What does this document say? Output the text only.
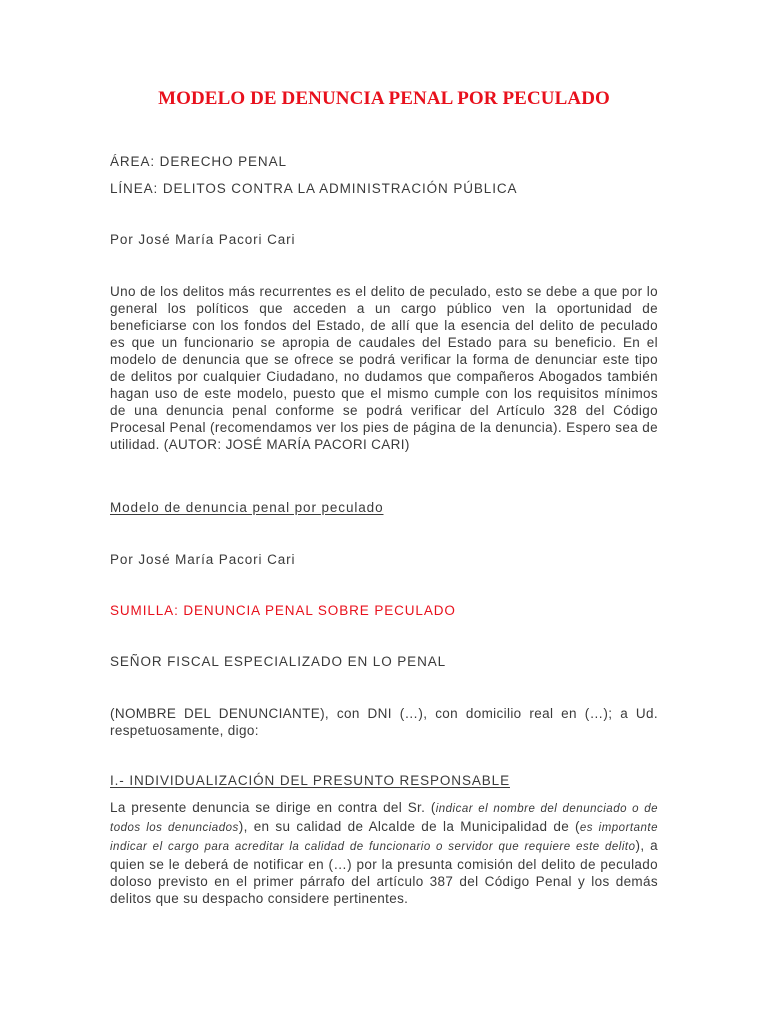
MODELO DE DENUNCIA PENAL POR PECULADO
ÁREA: DERECHO PENAL
LÍNEA: DELITOS CONTRA LA ADMINISTRACIÓN PÚBLICA
Por José María Pacori Cari
Uno de los delitos más recurrentes es el delito de peculado, esto se debe a que por lo general los políticos que acceden a un cargo público ven la oportunidad de beneficiarse con los fondos del Estado, de allí que la esencia del delito de peculado es que un funcionario se apropia de caudales del Estado para su beneficio. En el modelo de denuncia que se ofrece se podrá verificar la forma de denunciar este tipo de delitos por cualquier Ciudadano, no dudamos que compañeros Abogados también hagan uso de este modelo, puesto que el mismo cumple con los requisitos mínimos de una denuncia penal conforme se podrá verificar del Artículo 328 del Código Procesal Penal (recomendamos ver los pies de página de la denuncia). Espero sea de utilidad. (AUTOR: JOSÉ MARÍA PACORI CARI)
Modelo de denuncia penal por peculado
Por José María Pacori Cari
SUMILLA: DENUNCIA PENAL SOBRE PECULADO
SEÑOR FISCAL ESPECIALIZADO EN LO PENAL
(NOMBRE DEL DENUNCIANTE), con DNI (…), con domicilio real en (…); a Ud. respetuosamente, digo:
I.- INDIVIDUALIZACIÓN DEL PRESUNTO RESPONSABLE
La presente denuncia se dirige en contra del Sr. (indicar el nombre del denunciado o de todos los denunciados), en su calidad de Alcalde de la Municipalidad de (es importante indicar el cargo para acreditar la calidad de funcionario o servidor que requiere este delito), a quien se le deberá de notificar en (…) por la presunta comisión del delito de peculado doloso previsto en el primer párrafo del artículo 387 del Código Penal y los demás delitos que su despacho considere pertinentes.
